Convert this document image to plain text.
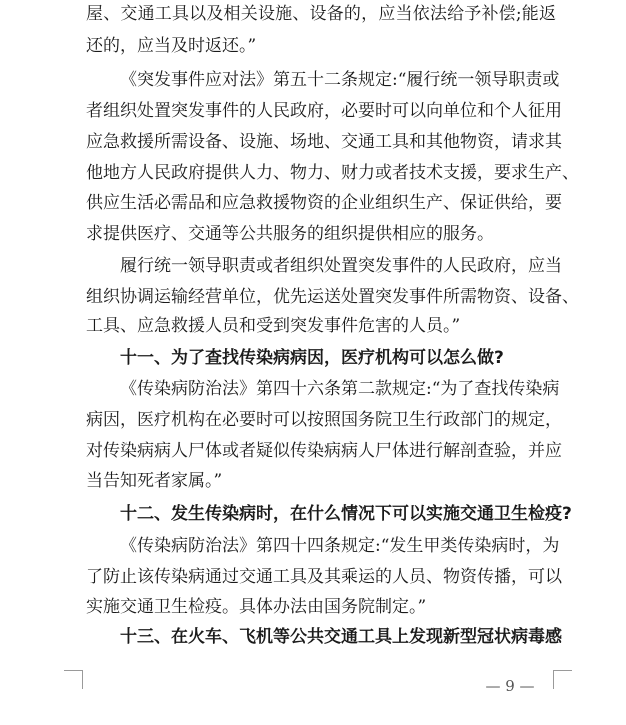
屋、交通工具以及相关设施、设备的，应当依法给予补偿;能返
还的，应当及时返还。”
《突发事件应对法》第五十二条规定:“履行统一领导职责或
者组织处置突发事件的人民政府，必要时可以向单位和个人征用
应急救援所需设备、设施、场地、交通工具和其他物资，请求其
他地方人民政府提供人力、物力、财力或者技术支援，要求生产、
供应生活必需品和应急救援物资的企业组织生产、保证供给，要
求提供医疗、交通等公共服务的组织提供相应的服务。
履行统一领导职责或者组织处置突发事件的人民政府，应当
组织协调运输经营单位，优先运送处置突发事件所需物资、设备、
工具、应急救援人员和受到突发事件危害的人员。”
十一、为了查找传染病病因，医疗机构可以怎么做?
《传染病防治法》第四十六条第二款规定:“为了查找传染病
病因，医疗机构在必要时可以按照国务院卫生行政部门的规定，
对传染病病人尸体或者疑似传染病病人尸体进行解剖查验，并应
当告知死者家属。”
十二、发生传染病时，在什么情况下可以实施交通卫生检疫?
《传染病防治法》第四十四条规定:“发生甲类传染病时，为
了防止该传染病通过交通工具及其乘运的人员、物资传播，可以
实施交通卫生检疫。具体办法由国务院制定。”
十三、在火车、飞机等公共交通工具上发现新型冠状病毒感
— 9 —
